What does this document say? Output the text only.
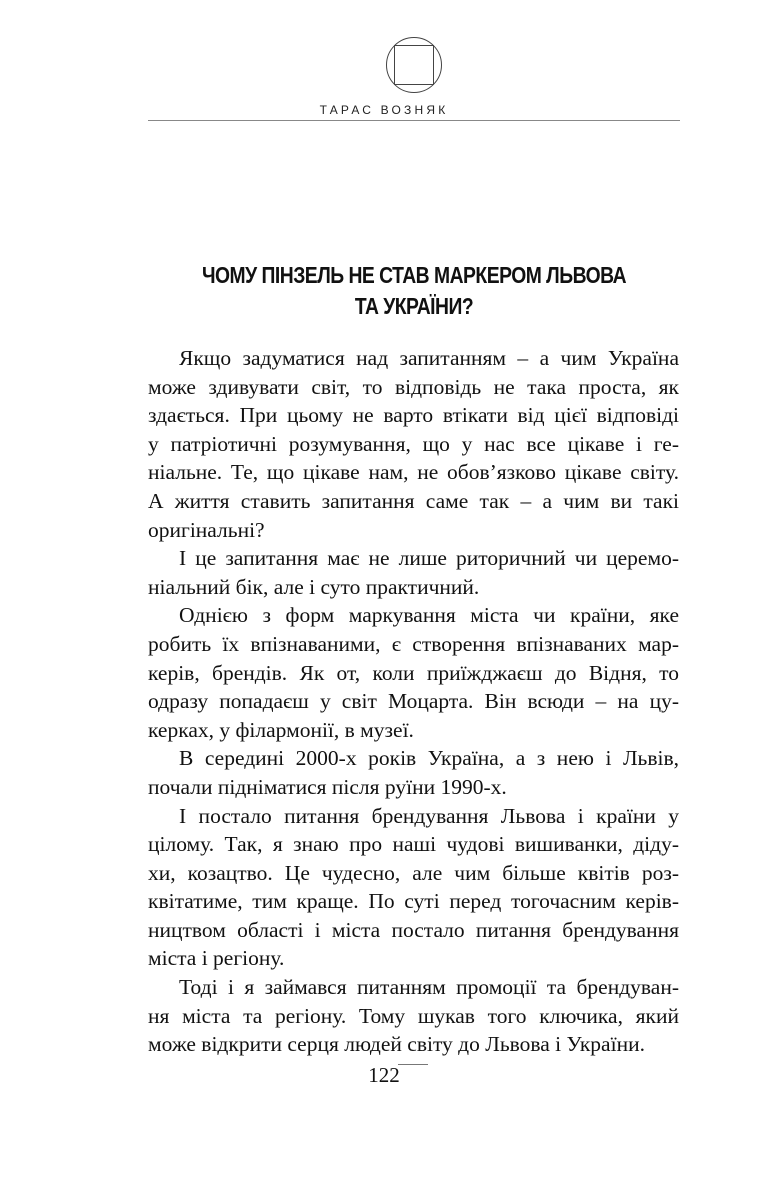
ТАРАС ВОЗНЯК
ЧОМУ ПІНЗЕЛЬ НЕ СТАВ МАРКЕРОМ ЛЬВОВА
ТА УКРАЇНИ?

Якщо задуматися над запитанням – а чим Україна
може здивувати світ, то відповідь не така проста, як
здається. При цьому не варто втікати від цієї відповіді
у патріотичні розумування, що у нас все цікаве і ге-
ніальне. Те, що цікаве нам, не обов’язково цікаве світу.
А життя ставить запитання саме так – а чим ви такі
оригінальні?

І це запитання має не лише риторичний чи церемо-
ніальний бік, але і суто практичний.

Однією з форм маркування міста чи країни, яке
робить їх впізнаваними, є створення впізнаваних мар-
керів, брендів. Як от, коли приїжджаєш до Відня, то
одразу попадаєш у світ Моцарта. Він всюди – на цу-
керках, у філармонії, в музеї.

В середині 2000-х років Україна, а з нею і Львів,
почали підніматися після руїни 1990-х.

І постало питання брендування Львова і країни у
цілому. Так, я знаю про наші чудові вишиванки, діду-
хи, козацтво. Це чудесно, але чим більше квітів роз-
квітатиме, тим краще. По суті перед тогочасним керів-
ництвом області і міста постало питання брендування
міста і регіону.

Тоді і я займався питанням промоції та брендуван-
ня міста та регіону. Тому шукав того ключика, який
може відкрити серця людей світу до Львова і України.

122
